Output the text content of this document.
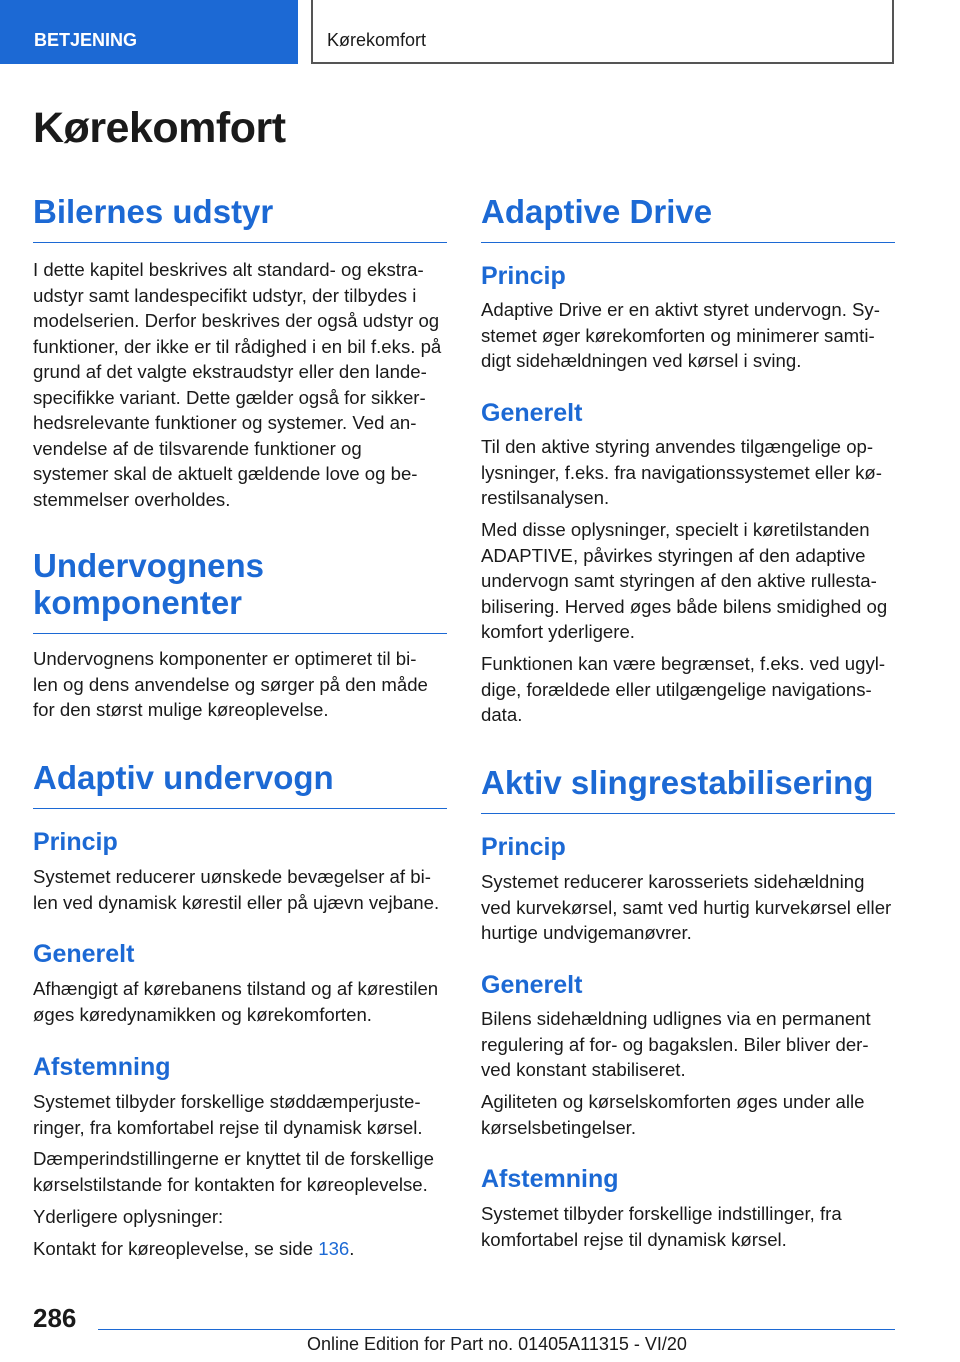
BETJENING	Kørekomfort
Kørekomfort
Bilernes udstyr

I dette kapitel beskrives alt standard- og ekstra-
udstyr samt landespecifikt udstyr, der tilbydes i
modelserien. Derfor beskrives der også udstyr og
funktioner, der ikke er til rådighed i en bil f.eks. på
grund af det valgte ekstraudstyr eller den lande-
specifikke variant. Dette gælder også for sikker-
hedsrelevante funktioner og systemer. Ved an-
vendelse af de tilsvarende funktioner og
systemer skal de aktuelt gældende love og be-
stemmelser overholdes.

Undervognens
komponenter

Undervognens komponenter er optimeret til bi-
len og dens anvendelse og sørger på den måde
for den størst mulige køreoplevelse.

Adaptiv undervogn
Princip

Systemet reducerer uønskede bevægelser af bi-
len ved dynamisk kørestil eller på ujævn vejbane.

Generelt

Afhængigt af kørebanens tilstand og af kørestilen
øges køredynamikken og kørekomforten.

Afstemning

Systemet tilbyder forskellige støddæmperjuste-
ringer, fra komfortabel rejse til dynamisk kørsel.

Dæmperindstillingerne er knyttet til de forskellige
kørselstilstande for kontakten for køreoplevelse.

Yderligere oplysninger:

Kontakt for køreoplevelse, se side 136.

Adaptive Drive
Princip

Adaptive Drive er en aktivt styret undervogn. Sy-
stemet øger kørekomforten og minimerer samti-
digt sidehældningen ved kørsel i sving.

Generelt

Til den aktive styring anvendes tilgængelige op-
lysninger, f.eks. fra navigationssystemet eller kø-
restilsanalysen.

Med disse oplysninger, specielt i køretilstanden
ADAPTIVE, påvirkes styringen af den adaptive
undervogn samt styringen af den aktive rullesta-
bilisering. Herved øges både bilens smidighed og
komfort yderligere.

Funktionen kan være begrænset, f.eks. ved ugyl-
dige, forældede eller utilgængelige navigations-
data.

Aktiv slingrestabilisering
Princip

Systemet reducerer karosseriets sidehældning
ved kurvekørsel, samt ved hurtig kurvekørsel eller
hurtige undvigemanøvrer.

Generelt

Bilens sidehældning udlignes via en permanent
regulering af for- og bagakslen. Biler bliver der-
ved konstant stabiliseret.

Agiliteten og kørselskomforten øges under alle
kørselsbetingelser.

Afstemning

Systemet tilbyder forskellige indstillinger, fra
komfortabel rejse til dynamisk kørsel.

286
Online Edition for Part no. 01405A11315 - VI/20
